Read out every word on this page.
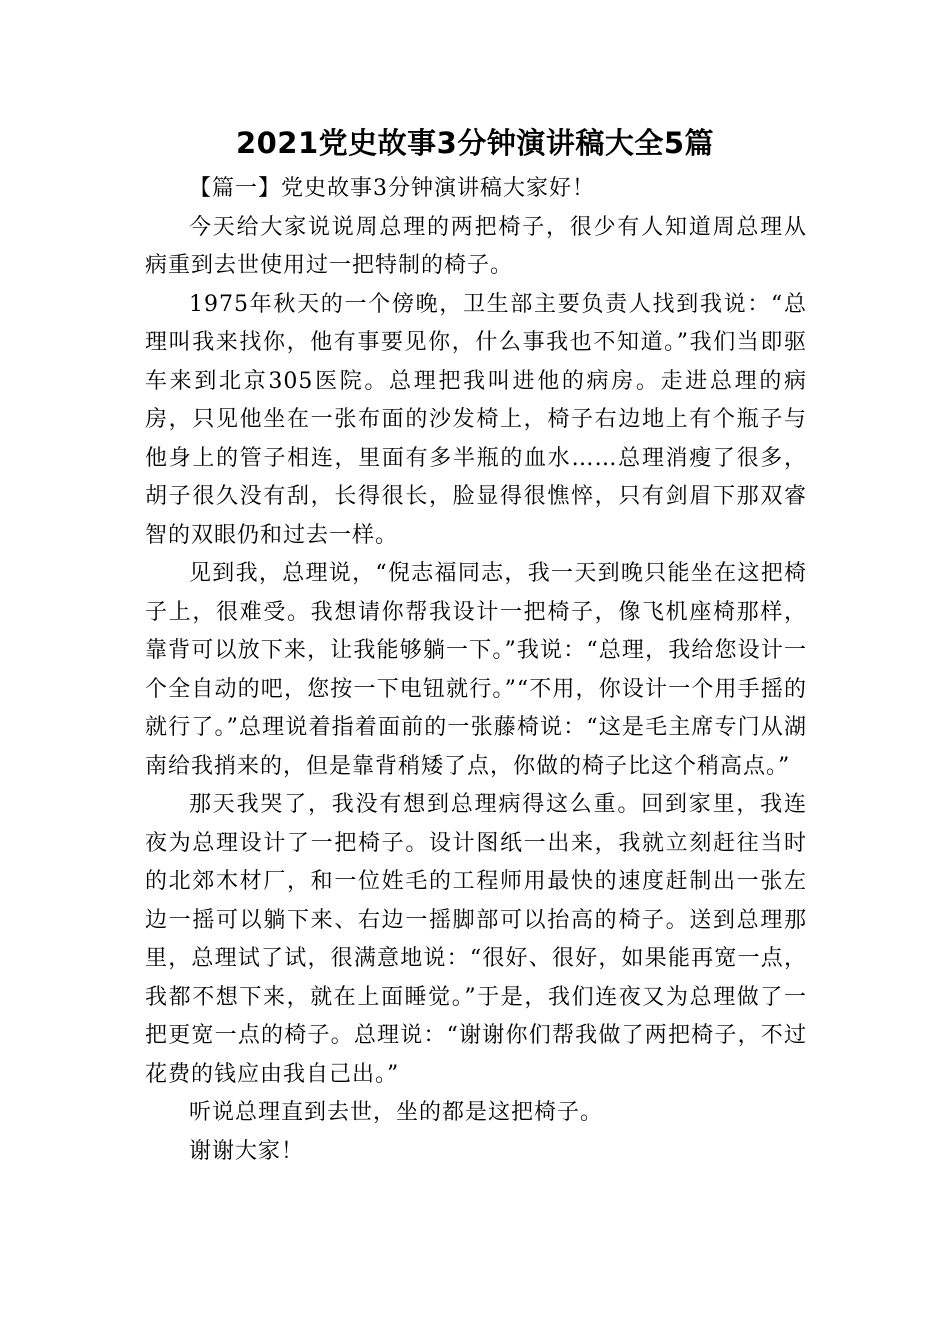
2021党史故事3分钟演讲稿大全5篇

【篇一】党史故事3分钟演讲稿大家好！

今天给大家说说周总理的两把椅子，很少有人知道周总理从病重到去世使用过一把特制的椅子。

1975年秋天的一个傍晚，卫生部主要负责人找到我说：“总理叫我来找你，他有事要见你，什么事我也不知道。”我们当即驱车来到北京305医院。总理把我叫进他的病房。走进总理的病房，只见他坐在一张布面的沙发椅上，椅子右边地上有个瓶子与他身上的管子相连，里面有多半瓶的血水……总理消瘦了很多，胡子很久没有刮，长得很长，脸显得很憔悴，只有剑眉下那双睿智的双眼仍和过去一样。

见到我，总理说，“倪志福同志，我一天到晚只能坐在这把椅子上，很难受。我想请你帮我设计一把椅子，像飞机座椅那样，靠背可以放下来，让我能够躺一下。”我说：“总理，我给您设计一个全自动的吧，您按一下电钮就行。”“不用，你设计一个用手摇的就行了。”总理说着指着面前的一张藤椅说：“这是毛主席专门从湖南给我捎来的，但是靠背稍矮了点，你做的椅子比这个稍高点。”

那天我哭了，我没有想到总理病得这么重。回到家里，我连夜为总理设计了一把椅子。设计图纸一出来，我就立刻赶往当时的北郊木材厂，和一位姓毛的工程师用最快的速度赶制出一张左边一摇可以躺下来、右边一摇脚部可以抬高的椅子。送到总理那里，总理试了试，很满意地说：“很好、很好，如果能再宽一点，我都不想下来，就在上面睡觉。”于是，我们连夜又为总理做了一把更宽一点的椅子。总理说：“谢谢你们帮我做了两把椅子，不过花费的钱应由我自己出。”

听说总理直到去世，坐的都是这把椅子。

谢谢大家！
